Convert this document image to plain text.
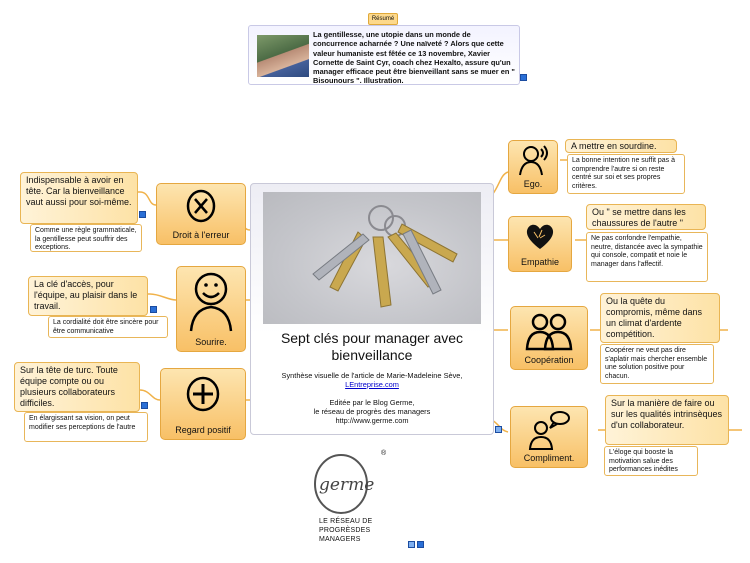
Résumé
La gentillesse, une utopie dans un monde de concurrence acharnée ? Une naïveté ? Alors que cette valeur humaniste est fêtée ce 13 novembre, Xavier Cornette de Saint Cyr, coach chez Hexalto, assure qu'un manager efficace peut être bienveillant sans se muer en " Bisounours ". Illustration.
Sept clés pour manager avec bienveillance
Synthèse visuelle de l'article de Marie-Madeleine Sève,
LEntreprise.com
Editée par le Blog Germe,
le réseau de progrès des managers
http://www.germe.com
Droit à l'erreur
Indispensable à avoir en tête. Car la bienveillance vaut aussi pour soi-même.
Comme une règle grammaticale, la gentillesse peut souffrir des exceptions.
Sourire.
La clé d'accès, pour l'équipe, au plaisir dans le travail.
La cordialité doit être sincère pour être communicative
Regard positif
Sur la tête de turc. Toute équipe compte ou ou plusieurs collaborateurs difficiles.
En élargissant sa vision, on peut modifier ses perceptions de l'autre
Ego.
A mettre en sourdine.
La bonne intention ne suffit pas à comprendre l'autre si on reste centré sur soi et ses propres critères.
Empathie
Ou " se mettre dans les chaussures de l'autre "
Ne pas confondre l'empathie, neutre, distancée avec la sympathie qui console, compatit et noie le manager dans l'affectif.
Coopération
Ou la quête du compromis, même dans un climat d'ardente compétition.
Coopérer ne veut pas dire s'aplatir mais chercher ensemble une solution positive pour chacun.
Compliment.
Sur la manière de faire ou sur les qualités intrinsèques d'un collaborateur.
L'éloge qui booste la motivation salue des performances inédites
germe
®
LE RÉSEAU DE
PROGRÈSDES
MANAGERS
